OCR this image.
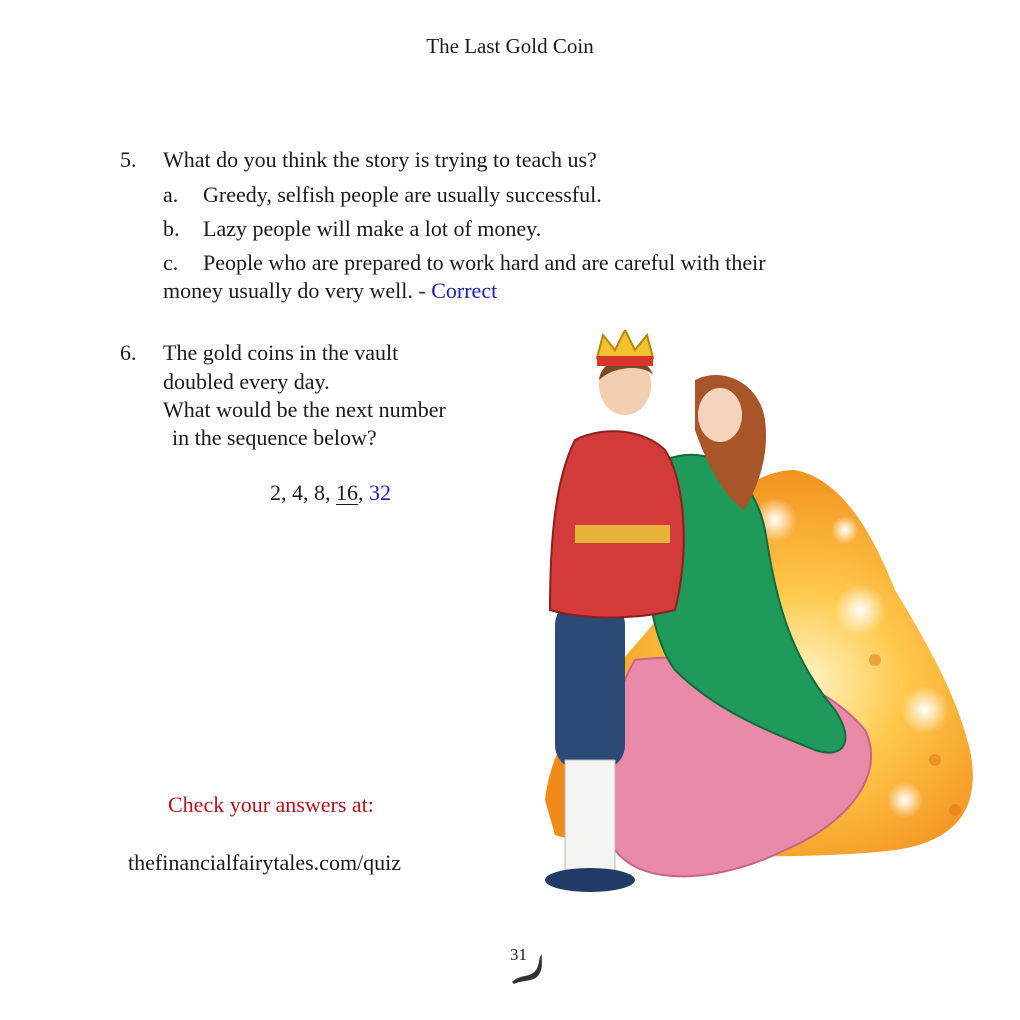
The Last Gold Coin
5.	What do you think the story is trying to teach us?
a. Greedy, selfish people are usually successful.
b. Lazy people will make a lot of money.
c. People who are prepared to work hard and are careful with their
money usually do very well. - Correct
6.	The gold coins in the vault
doubled every day.
What would be the next number
in the sequence below?
2, 4, 8, 16, 32
Check your answers at:
thefinancialfairytales.com/quiz
31
